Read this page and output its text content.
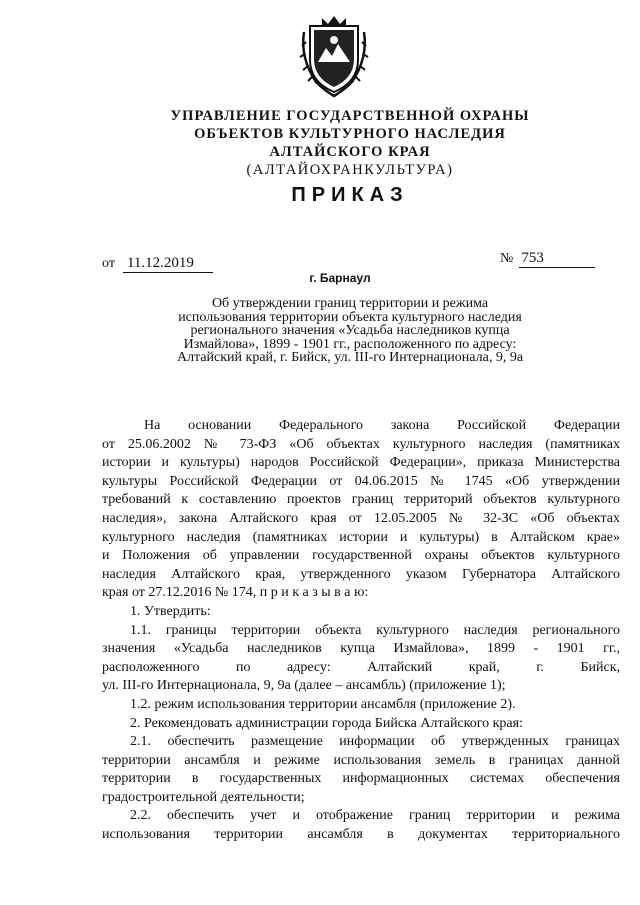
УПРАВЛЕНИЕ ГОСУДАРСТВЕННОЙ ОХРАНЫ
ОБЪЕКТОВ КУЛЬТУРНОГО НАСЛЕДИЯ
АЛТАЙСКОГО КРАЯ
(АЛТАЙОХРАНКУЛЬТУРА)
ПРИКАЗ
от 11.12.2019	№ 753
г. Барнаул
Об утверждении границ территории и режима
использования территории объекта культурного наследия
регионального значения «Усадьба наследников купца
Измайлова», 1899 - 1901 гг., расположенного по адресу:
Алтайский край, г. Бийск, ул. III-го Интернационала, 9, 9а
На основании Федерального закона Российской Федерации
от 25.06.2002 № 73-ФЗ «Об объектах культурного наследия (памятниках
истории и культуры) народов Российской Федерации», приказа Министерства
культуры Российской Федерации от 04.06.2015 № 1745 «Об утверждении
требований к составлению проектов границ территорий объектов культурного
наследия», закона Алтайского края от 12.05.2005 № 32-ЗС «Об объектах
культурного наследия (памятниках истории и культуры) в Алтайском крае»
и Положения об управлении государственной охраны объектов культурного
наследия Алтайского края, утвержденного указом Губернатора Алтайского
края от 27.12.2016 № 174, п р и к а з ы в а ю:
1. Утвердить:
1.1. границы территории объекта культурного наследия регионального
значения «Усадьба наследников купца Измайлова», 1899 - 1901 гг.,
расположенного по адресу: Алтайский край, г. Бийск,
ул. III-го Интернационала, 9, 9а (далее – ансамбль) (приложение 1);
1.2. режим использования территории ансамбля (приложение 2).
2. Рекомендовать администрации города Бийска Алтайского края:
2.1. обеспечить размещение информации об утвержденных границах
территории ансамбля и режиме использования земель в границах данной
территории в государственных информационных системах обеспечения
градостроительной деятельности;
2.2. обеспечить учет и отображение границ территории и режима
использования территории ансамбля в документах территориального
